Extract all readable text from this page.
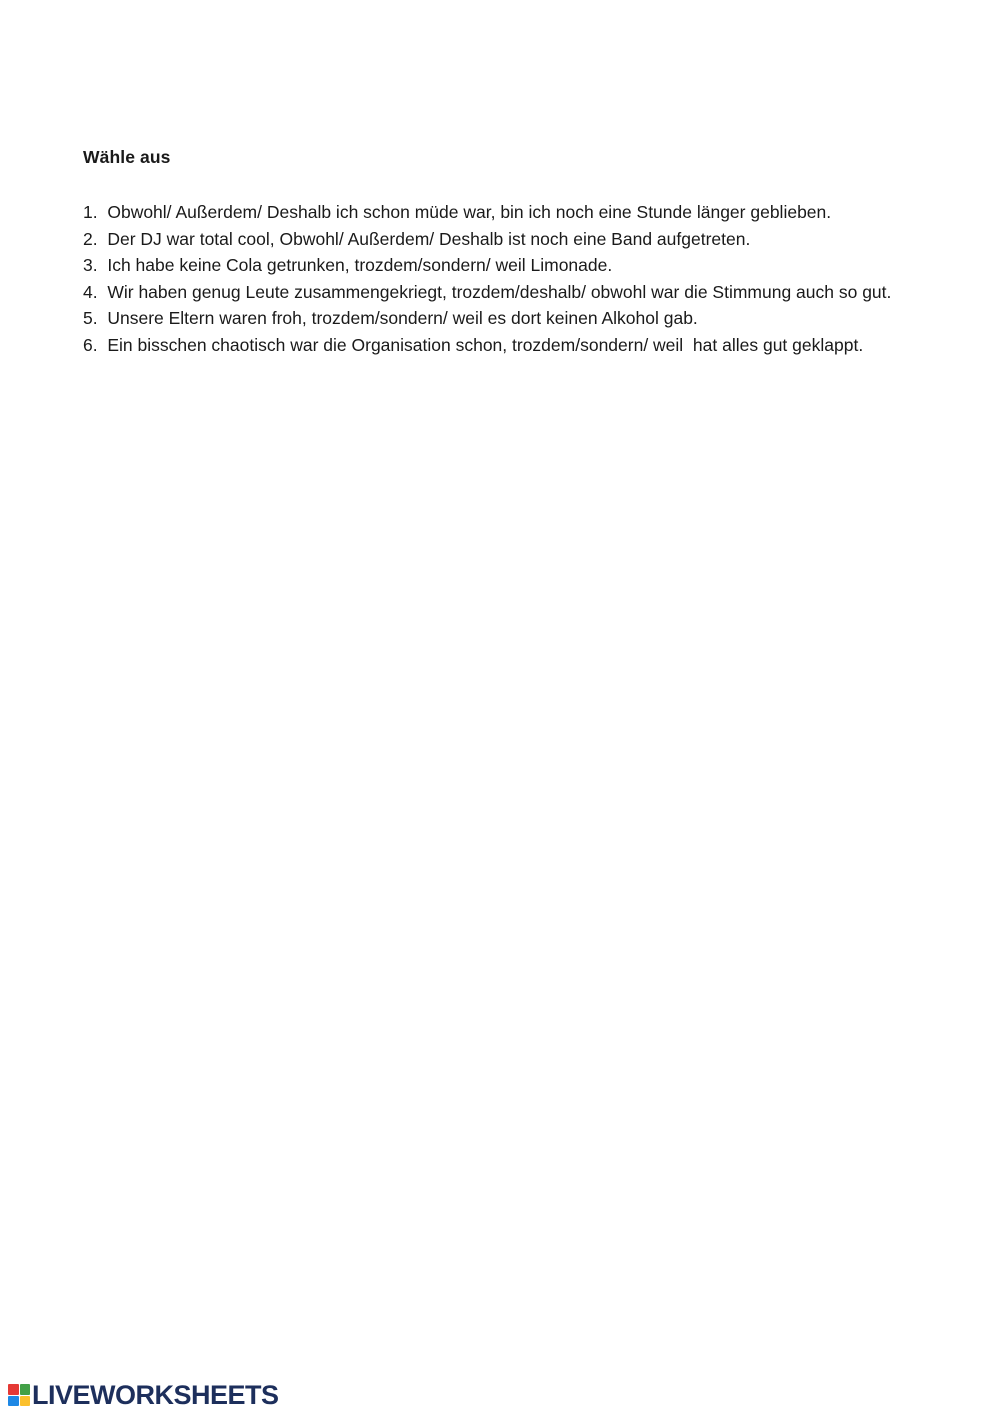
Wähle aus
1. Obwohl/ Außerdem/ Deshalb ich schon müde war, bin ich noch eine Stunde länger geblieben.
2. Der DJ war total cool, Obwohl/ Außerdem/ Deshalb ist noch eine Band aufgetreten.
3. Ich habe keine Cola getrunken, trozdem/sondern/ weil Limonade.
4. Wir haben genug Leute zusammengekriegt, trozdem/deshalb/ obwohl war die Stimmung auch so gut.
5. Unsere Eltern waren froh, trozdem/sondern/ weil es dort keinen Alkohol gab.
6. Ein bisschen chaotisch war die Organisation schon, trozdem/sondern/ weil  hat alles gut geklappt.
LIVEWORKSHEETS
